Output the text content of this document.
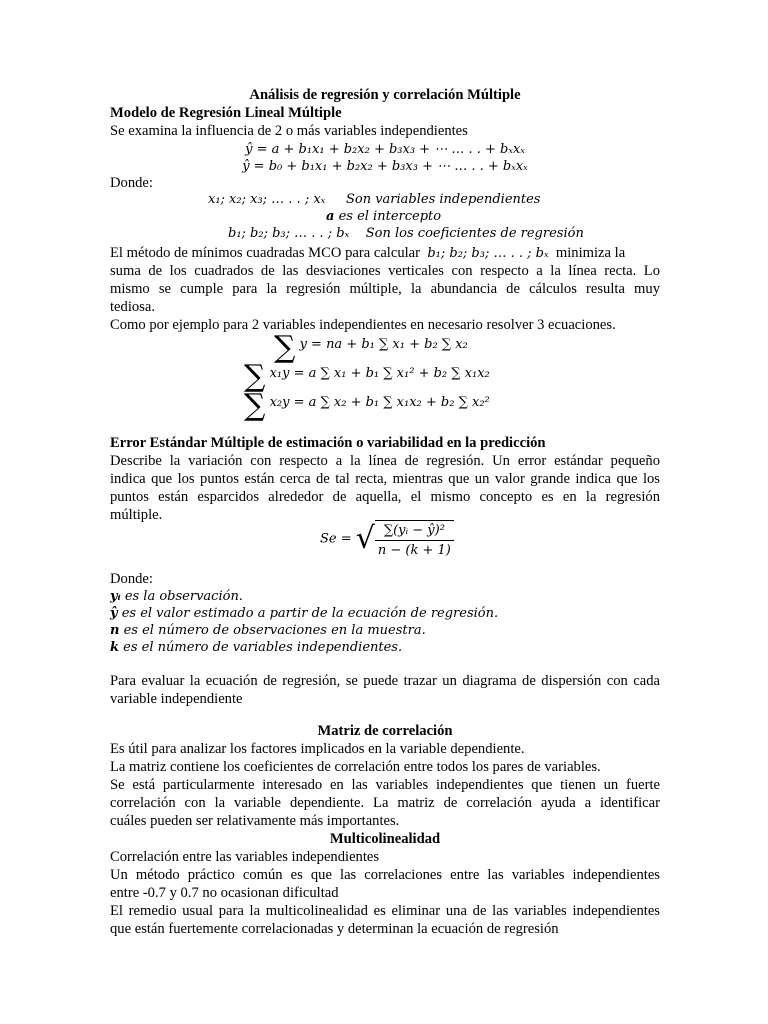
Análisis de regresión y correlación Múltiple
Modelo de Regresión Lineal Múltiple
Se examina la influencia de 2 o más variables independientes
ŷ = a + b₁x₁ + b₂x₂ + b₃x₃ + ⋯ … . . + bₓxₓ
ŷ = b₀ + b₁x₁ + b₂x₂ + b₃x₃ + ⋯ … . . + bₓxₓ
Donde:
x₁; x₂; x₃; … . . ; xₓ Son variables independientes
a es el intercepto
b₁; b₂; b₃; … . . ; bₓ Son los coeficientes de regresión
El método de mínimos cuadradas MCO para calcular b₁; b₂; b₃; … . . ; bₓ minimiza la
suma de los cuadrados de las desviaciones verticales con respecto a la línea recta. Lo
mismo se cumple para la regresión múltiple, la abundancia de cálculos resulta muy
tediosa.
Como por ejemplo para 2 variables independientes en necesario resolver 3 ecuaciones.
∑ y = na + b₁ ∑ x₁ + b₂ ∑ x₂
∑ x₁y = a ∑ x₁ + b₁ ∑ x₁² + b₂ ∑ x₁x₂
∑ x₂y = a ∑ x₂ + b₁ ∑ x₁x₂ + b₂ ∑ x₂²
Error Estándar Múltiple de estimación o variabilidad en la predicción
Describe la variación con respecto a la línea de regresión. Un error estándar pequeño
indica que los puntos están cerca de tal recta, mientras que un valor grande indica que los
puntos están esparcidos alrededor de aquella, el mismo concepto es en la regresión
múltiple.
Se = √ $\frac{\text{∑(yᵢ − ŷ)²}}{n - (k + 1)}$
Donde:
yᵢ es la observación.
ŷ es el valor estimado a partir de la ecuación de regresión.
n es el número de observaciones en la muestra.
k es el número de variables independientes.
Para evaluar la ecuación de regresión, se puede trazar un diagrama de dispersión con cada
variable independiente
Matriz de correlación
Es útil para analizar los factores implicados en la variable dependiente.
La matriz contiene los coeficientes de correlación entre todos los pares de variables.
Se está particularmente interesado en las variables independientes que tienen un fuerte
correlación con la variable dependiente. La matriz de correlación ayuda a identificar
cuáles pueden ser relativamente más importantes.
Multicolinealidad
Correlación entre las variables independientes
Un método práctico común es que las correlaciones entre las variables independientes
entre -0.7 y 0.7 no ocasionan dificultad
El remedio usual para la multicolinealidad es eliminar una de las variables independientes
que están fuertemente correlacionadas y determinan la ecuación de regresión
